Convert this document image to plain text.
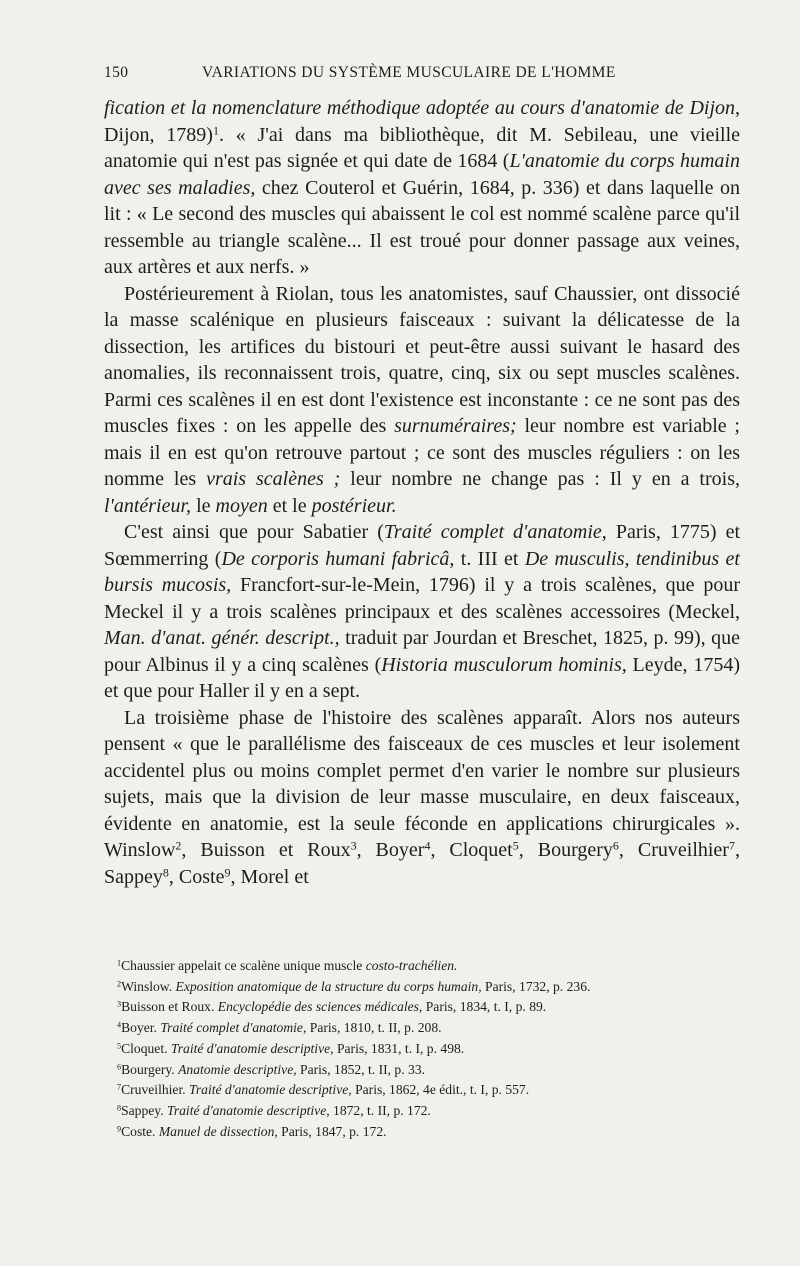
150	VARIATIONS DU SYSTÈME MUSCULAIRE DE L'HOMME

fication et la nomenclature méthodique adoptée au cours d'anatomie de Dijon, Dijon, 1789)$^1$. « J'ai dans ma bibliothèque, dit M. Sebileau, une vieille anatomie qui n'est pas signée et qui date de 1684 (L'anatomie du corps humain avec ses maladies, chez Couterol et Guérin, 1684, p. 336) et dans laquelle on lit : « Le second des muscles qui abaissent le col est nommé scalène parce qu'il ressemble au triangle scalène... Il est troué pour donner passage aux veines, aux artères et aux nerfs. »

Postérieurement à Riolan, tous les anatomistes, sauf Chaussier, ont dissocié la masse scalénique en plusieurs faisceaux : suivant la délicatesse de la dissection, les artifices du bistouri et peut-être aussi suivant le hasard des anomalies, ils reconnaissent trois, quatre, cinq, six ou sept muscles scalènes. Parmi ces scalènes il en est dont l'existence est inconstante : ce ne sont pas des muscles fixes : on les appelle des surnuméraires; leur nombre est variable ; mais il en est qu'on retrouve partout ; ce sont des muscles réguliers : on les nomme les vrais scalènes ; leur nombre ne change pas : Il y en a trois, l'antérieur, le moyen et le postérieur.

C'est ainsi que pour Sabatier (Traité complet d'anatomie, Paris, 1775) et Sœmmerring (De corporis humani fabricâ, t. III et De musculis, tendinibus et bursis mucosis, Francfort-sur-le-Mein, 1796) il y a trois scalènes, que pour Meckel il y a trois scalènes principaux et des scalènes accessoires (Meckel, Man. d'anat. génér. descript., traduit par Jourdan et Breschet, 1825, p. 99), que pour Albinus il y a cinq scalènes (Historia musculorum hominis, Leyde, 1754) et que pour Haller il y en a sept.

La troisième phase de l'histoire des scalènes apparaît. Alors nos auteurs pensent « que le parallélisme des faisceaux de ces muscles et leur isolement accidentel plus ou moins complet permet d'en varier le nombre sur plusieurs sujets, mais que la division de leur masse musculaire, en deux faisceaux, évidente en anatomie, est la seule féconde en applications chirurgicales ». Winslow$^2$, Buisson et Roux$^3$, Boyer$^4$, Cloquet$^5$, Bourgery$^6$, Cruveilhier$^7$, Sappey$^8$, Coste$^9$, Morel et

$^1$Chaussier appelait ce scalène unique muscle costo-trachélien.
$^2$Winslow. Exposition anatomique de la structure du corps humain, Paris, 1732, p. 236.
$^3$Buisson et Roux. Encyclopédie des sciences médicales, Paris, 1834, t. I, p. 89.
$^4$Boyer. Traité complet d'anatomie, Paris, 1810, t. II, p. 208.
$^5$Cloquet. Traité d'anatomie descriptive, Paris, 1831, t. I, p. 498.
$^6$Bourgery. Anatomie descriptive, Paris, 1852, t. II, p. 33.
$^7$Cruveilhier. Traité d'anatomie descriptive, Paris, 1862, 4e édit., t. I, p. 557.
$^8$Sappey. Traité d'anatomie descriptive, 1872, t. II, p. 172.
$^9$Coste. Manuel de dissection, Paris, 1847, p. 172.
